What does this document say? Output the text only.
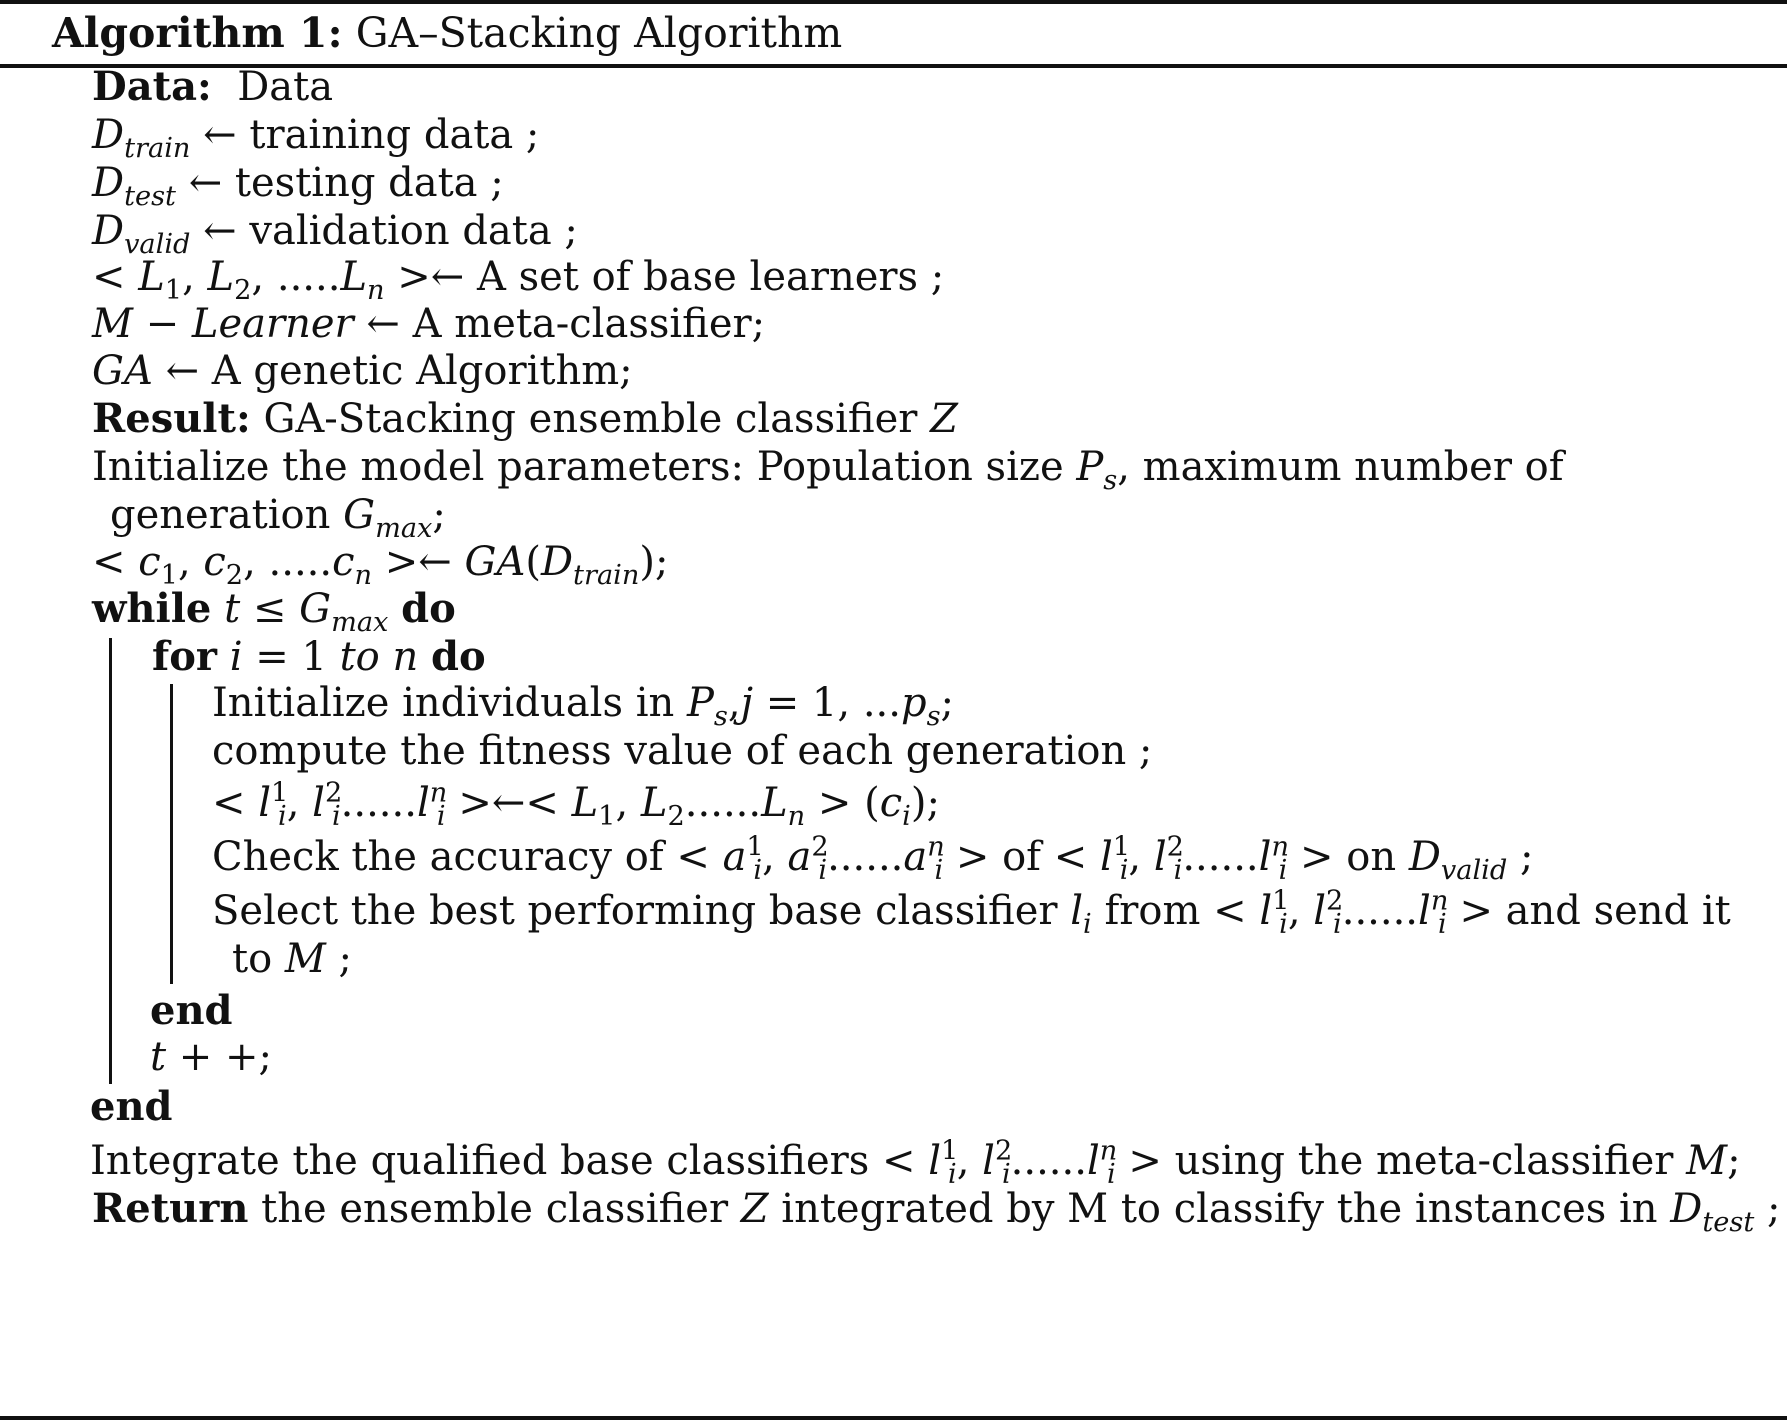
Algorithm 1: GA–Stacking Algorithm
Data: Data
$D_{train}$ ← training data ;
$D_{test}$ ← testing data ;
$D_{valid}$ ← validation data ;
< $L_1$, $L_2$, $.....L_n$ >← A set of base learners ;
M − Learner ← A meta-classifier;
GA ← A genetic Algorithm;
Result: GA-Stacking ensemble classifier Z
Initialize the model parameters: Population size $P_s$, maximum number of
generation $G_{max}$;
< $c_1$, $c_2$, $.....c_n$ >← $GA(D_{train})$;
while $t \le G_{max}$ do
for i = 1 to n do
Initialize individuals in $P_s,j = 1$, $...p_s$;
compute the fitness value of each generation ;
< $l^1_i$, $l^2_i......l^n_i$ >←< $L_1$, $L_2......L_n > (c_i)$;
Check the accuracy of < $a^1_i$, $a^2_i......a^n_i$ > of < $l^1_i$, $l^2_i......l^n_i$ > on $D_{valid}$ ;
Select the best performing base classifier $l_i$ from < $l^1_i$, $l^2_i......l^n_i$ > and send it
to M ;
end
t + +;
end
Integrate the qualified base classifiers < $l^1_i$, $l^2_i......l^n_i > using$ the meta-classifier M;
Return the ensemble classifier Z integrated by M to classify the instances in $D_{test}$ ;
